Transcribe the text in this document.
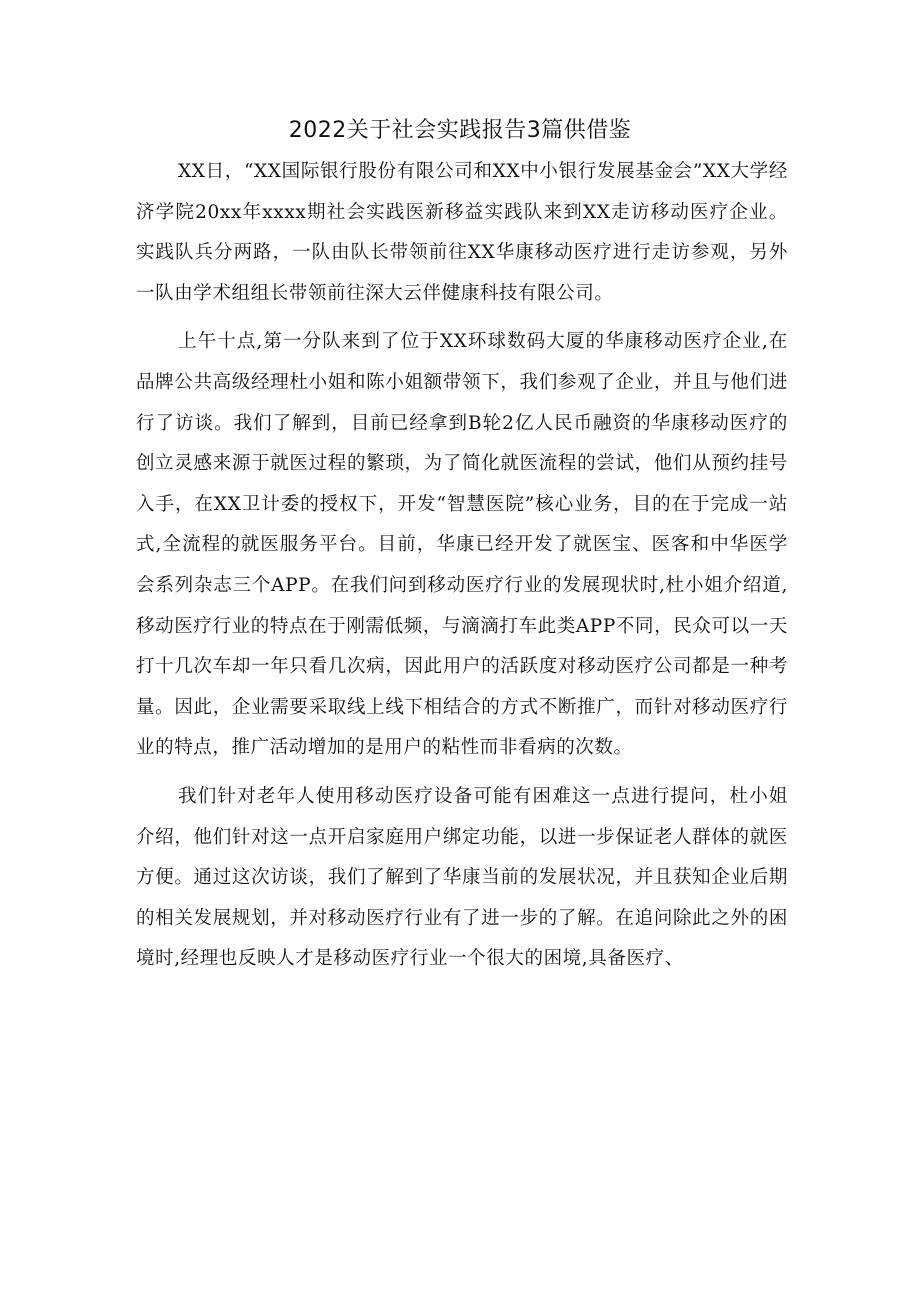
2022关于社会实践报告3篇供借鉴

XX日，“XX国际银行股份有限公司和XX中小银行发展基金会”XX大学经济学院20xx年xxxx期社会实践医新移益实践队来到XX走访移动医疗企业。实践队兵分两路，一队由队长带领前往XX华康移动医疗进行走访参观，另外一队由学术组组长带领前往深大云伴健康科技有限公司。

上午十点,第一分队来到了位于XX环球数码大厦的华康移动医疗企业,在品牌公共高级经理杜小姐和陈小姐额带领下，我们参观了企业，并且与他们进行了访谈。我们了解到，目前已经拿到B轮2亿人民币融资的华康移动医疗的创立灵感来源于就医过程的繁琐，为了简化就医流程的尝试，他们从预约挂号入手，在XX卫计委的授权下，开发“智慧医院”核心业务，目的在于完成一站式,全流程的就医服务平台。目前，华康已经开发了就医宝、医客和中华医学会系列杂志三个APP。在我们问到移动医疗行业的发展现状时,杜小姐介绍道,移动医疗行业的特点在于刚需低频，与滴滴打车此类APP不同，民众可以一天打十几次车却一年只看几次病，因此用户的活跃度对移动医疗公司都是一种考量。因此，企业需要采取线上线下相结合的方式不断推广，而针对移动医疗行业的特点，推广活动增加的是用户的粘性而非看病的次数。

我们针对老年人使用移动医疗设备可能有困难这一点进行提问，杜小姐介绍，他们针对这一点开启家庭用户绑定功能，以进一步保证老人群体的就医方便。通过这次访谈，我们了解到了华康当前的发展状况，并且获知企业后期的相关发展规划，并对移动医疗行业有了进一步的了解。在追问除此之外的困境时,经理也反映人才是移动医疗行业一个很大的困境,具备医疗、
